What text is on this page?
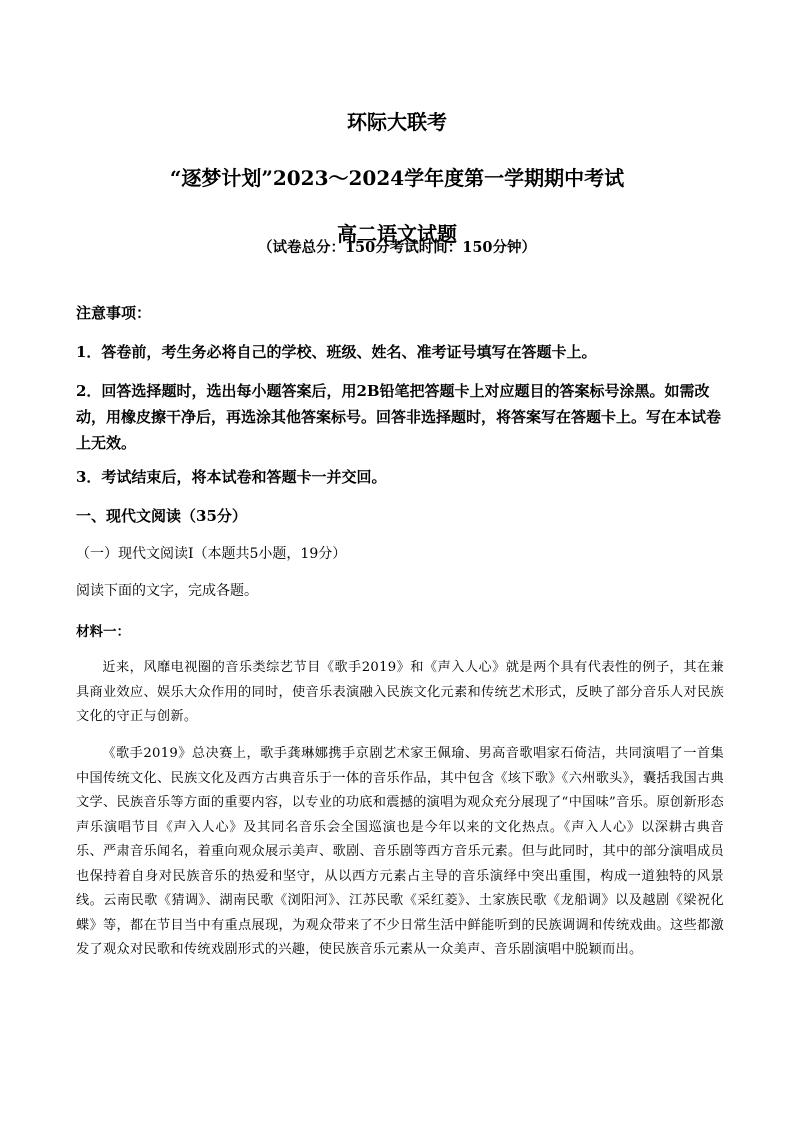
环际大联考
“逐梦计划”2023～2024学年度第一学期期中考试
高二语文试题
（试卷总分：150分考试时间：150分钟）
注意事项：
1．答卷前，考生务必将自己的学校、班级、姓名、准考证号填写在答题卡上。
2．回答选择题时，选出每小题答案后，用2B铅笔把答题卡上对应题目的答案标号涂黑。如需改动，用橡皮擦干净后，再选涂其他答案标号。回答非选择题时，将答案写在答题卡上。写在本试卷上无效。
3．考试结束后，将本试卷和答题卡一并交回。
一、现代文阅读（35分）
（一）现代文阅读I（本题共5小题，19分）
阅读下面的文字，完成各题。
材料一：
近来，风靡电视圈的音乐类综艺节目《歌手2019》和《声入人心》就是两个具有代表性的例子，其在兼具商业效应、娱乐大众作用的同时，使音乐表演融入民族文化元素和传统艺术形式，反映了部分音乐人对民族文化的守正与创新。
《歌手2019》总决赛上，歌手龚琳娜携手京剧艺术家王佩瑜、男高音歌唱家石倚洁，共同演唱了一首集中国传统文化、民族文化及西方古典音乐于一体的音乐作品，其中包含《垓下歌》《六州歌头》，囊括我国古典文学、民族音乐等方面的重要内容，以专业的功底和震撼的演唱为观众充分展现了“中国味”音乐。原创新形态声乐演唱节目《声入人心》及其同名音乐会全国巡演也是今年以来的文化热点。《声入人心》以深耕古典音乐、严肃音乐闻名，着重向观众展示美声、歌剧、音乐剧等西方音乐元素。但与此同时，其中的部分演唱成员也保持着自身对民族音乐的热爱和坚守，从以西方元素占主导的音乐演绎中突出重围，构成一道独特的风景线。云南民歌《猜调》、湖南民歌《浏阳河》、江苏民歌《采红菱》、土家族民歌《龙船调》以及越剧《梁祝化蝶》等，都在节目当中有重点展现，为观众带来了不少日常生活中鲜能听到的民族调调和传统戏曲。这些都激发了观众对民歌和传统戏剧形式的兴趣，使民族音乐元素从一众美声、音乐剧演唱中脱颖而出。
